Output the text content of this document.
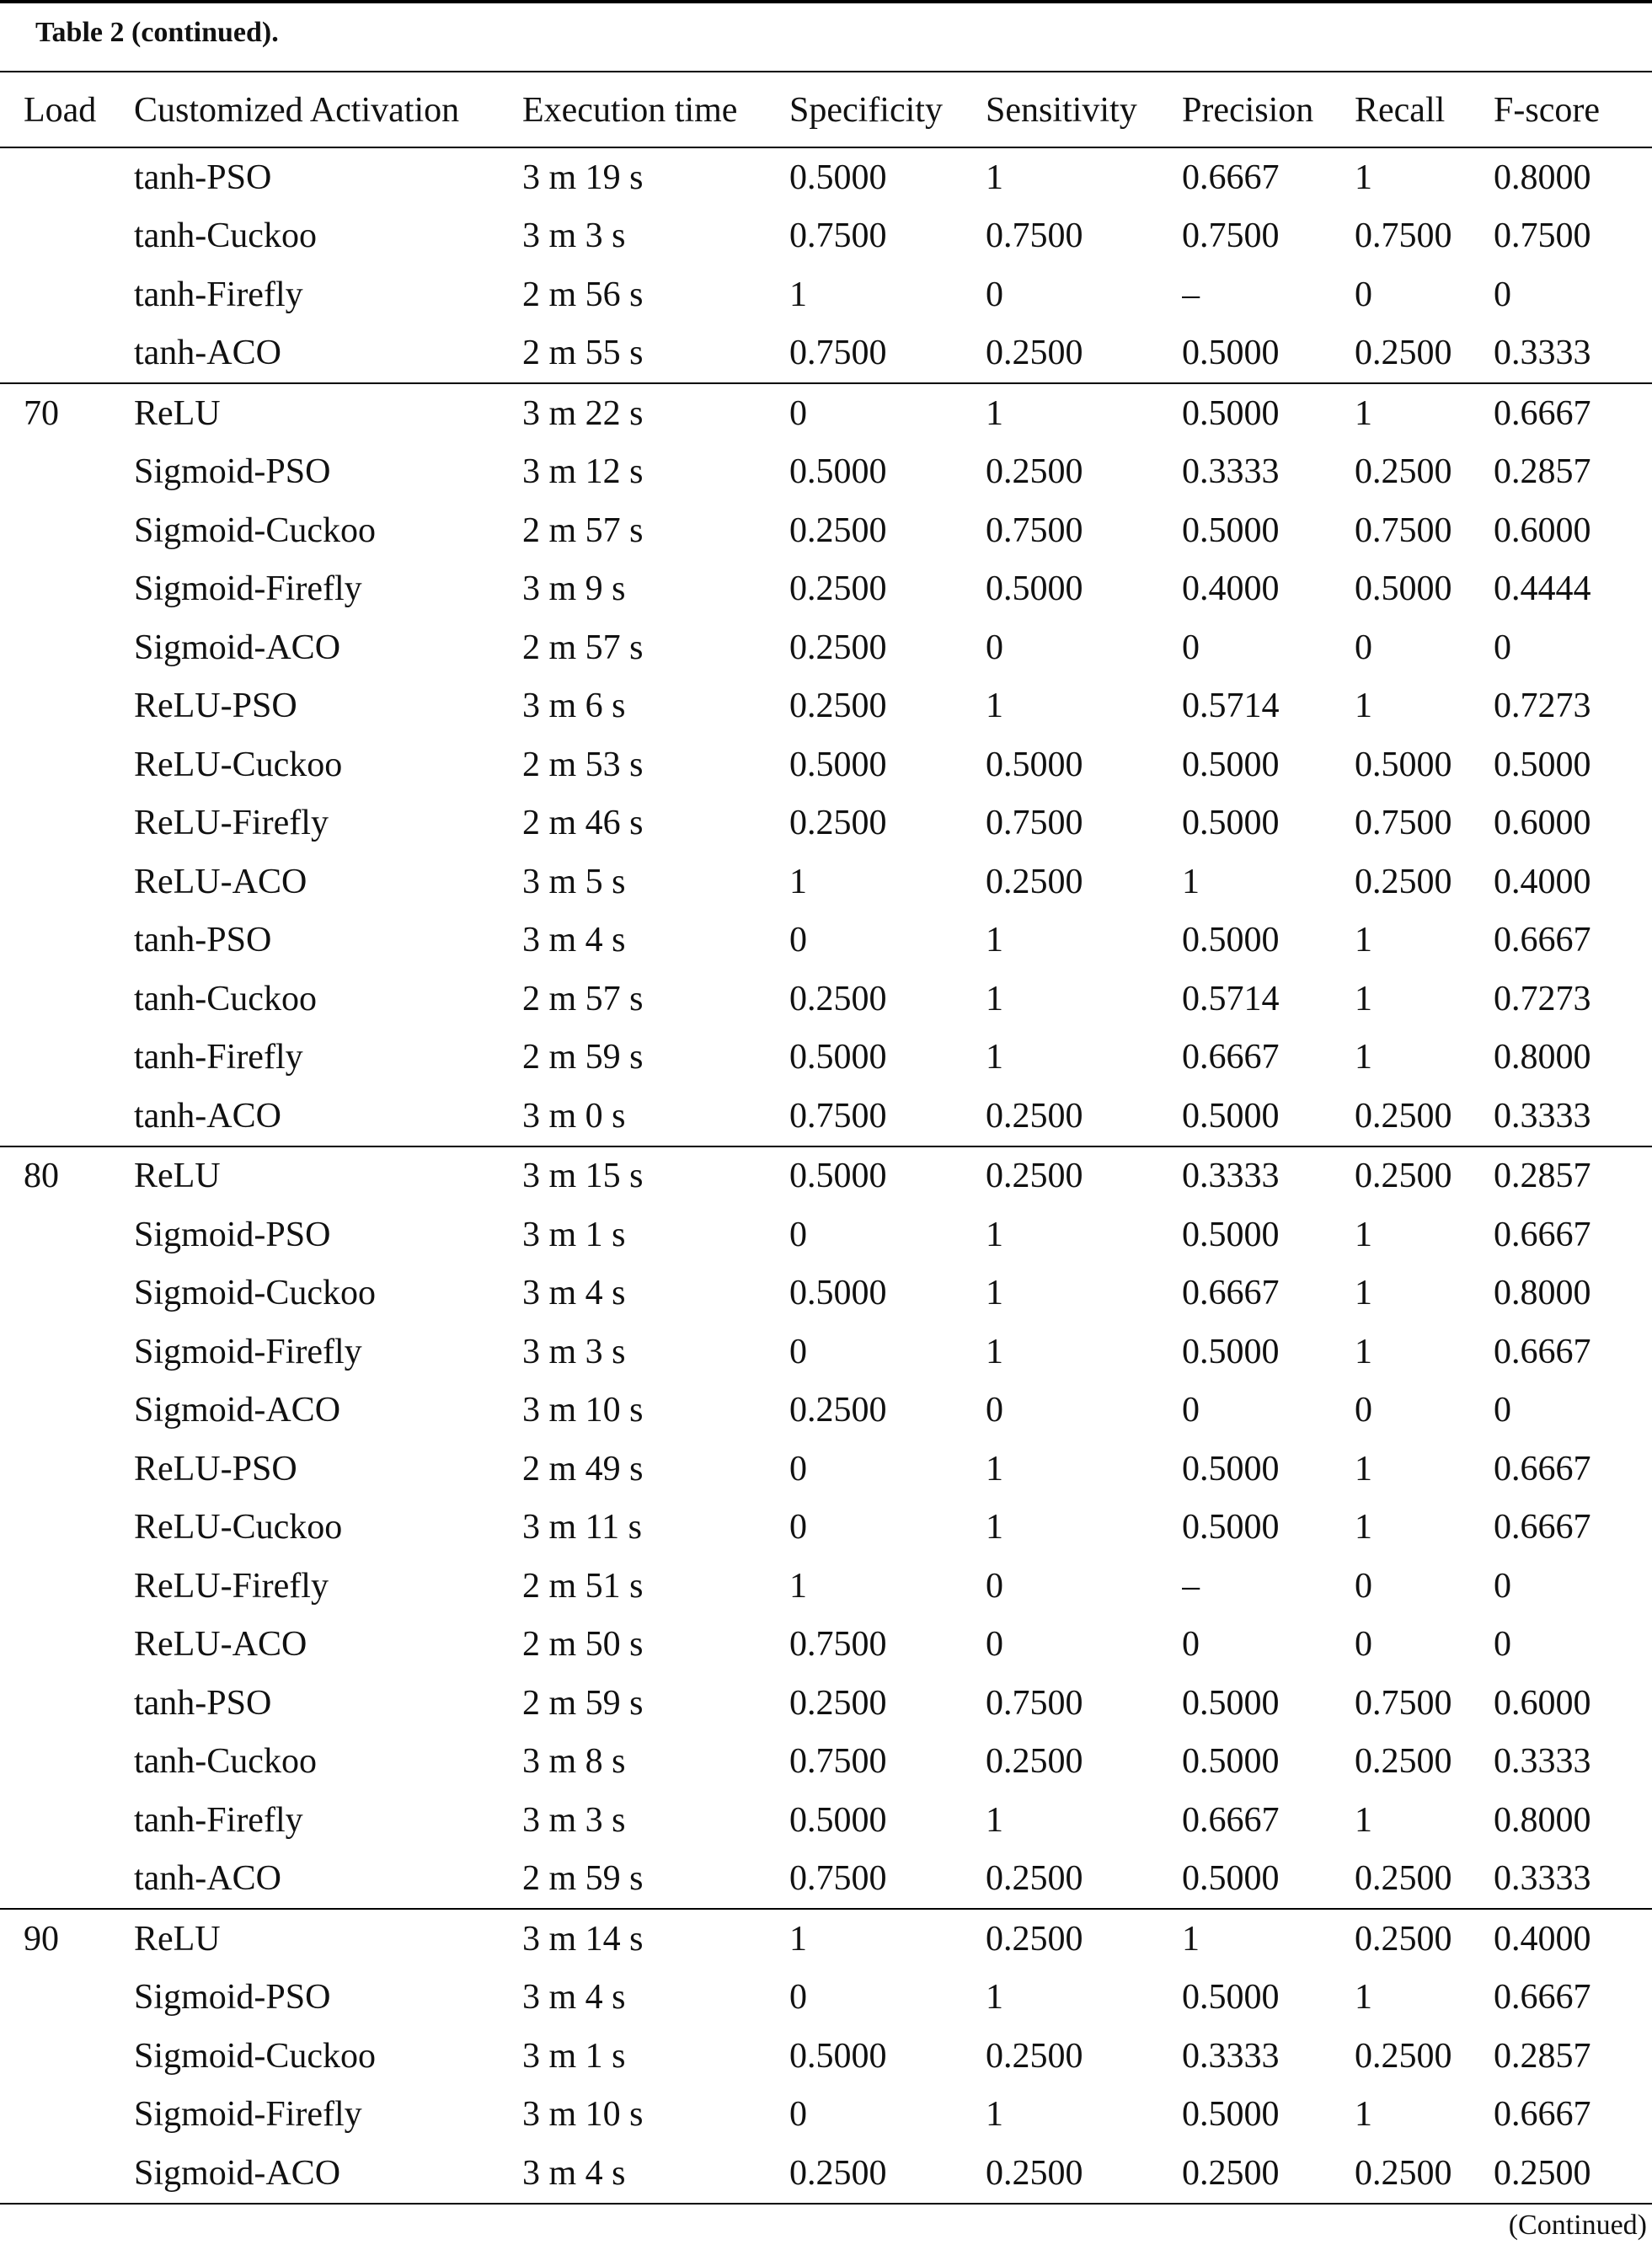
Table 2 (continued).
Load	Customized Activation	Execution time	Specificity	Sensitivity	Precision	Recall	F-score
	tanh-PSO	3 m 19 s	0.5000	1	0.6667	1	0.8000
	tanh-Cuckoo	3 m 3 s	0.7500	0.7500	0.7500	0.7500	0.7500
	tanh-Firefly	2 m 56 s	1	0	–	0	0
	tanh-ACO	2 m 55 s	0.7500	0.2500	0.5000	0.2500	0.3333
70	ReLU	3 m 22 s	0	1	0.5000	1	0.6667
	Sigmoid-PSO	3 m 12 s	0.5000	0.2500	0.3333	0.2500	0.2857
	Sigmoid-Cuckoo	2 m 57 s	0.2500	0.7500	0.5000	0.7500	0.6000
	Sigmoid-Firefly	3 m 9 s	0.2500	0.5000	0.4000	0.5000	0.4444
	Sigmoid-ACO	2 m 57 s	0.2500	0	0	0	0
	ReLU-PSO	3 m 6 s	0.2500	1	0.5714	1	0.7273
	ReLU-Cuckoo	2 m 53 s	0.5000	0.5000	0.5000	0.5000	0.5000
	ReLU-Firefly	2 m 46 s	0.2500	0.7500	0.5000	0.7500	0.6000
	ReLU-ACO	3 m 5 s	1	0.2500	1	0.2500	0.4000
	tanh-PSO	3 m 4 s	0	1	0.5000	1	0.6667
	tanh-Cuckoo	2 m 57 s	0.2500	1	0.5714	1	0.7273
	tanh-Firefly	2 m 59 s	0.5000	1	0.6667	1	0.8000
	tanh-ACO	3 m 0 s	0.7500	0.2500	0.5000	0.2500	0.3333
80	ReLU	3 m 15 s	0.5000	0.2500	0.3333	0.2500	0.2857
	Sigmoid-PSO	3 m 1 s	0	1	0.5000	1	0.6667
	Sigmoid-Cuckoo	3 m 4 s	0.5000	1	0.6667	1	0.8000
	Sigmoid-Firefly	3 m 3 s	0	1	0.5000	1	0.6667
	Sigmoid-ACO	3 m 10 s	0.2500	0	0	0	0
	ReLU-PSO	2 m 49 s	0	1	0.5000	1	0.6667
	ReLU-Cuckoo	3 m 11 s	0	1	0.5000	1	0.6667
	ReLU-Firefly	2 m 51 s	1	0	–	0	0
	ReLU-ACO	2 m 50 s	0.7500	0	0	0	0
	tanh-PSO	2 m 59 s	0.2500	0.7500	0.5000	0.7500	0.6000
	tanh-Cuckoo	3 m 8 s	0.7500	0.2500	0.5000	0.2500	0.3333
	tanh-Firefly	3 m 3 s	0.5000	1	0.6667	1	0.8000
	tanh-ACO	2 m 59 s	0.7500	0.2500	0.5000	0.2500	0.3333
90	ReLU	3 m 14 s	1	0.2500	1	0.2500	0.4000
	Sigmoid-PSO	3 m 4 s	0	1	0.5000	1	0.6667
	Sigmoid-Cuckoo	3 m 1 s	0.5000	0.2500	0.3333	0.2500	0.2857
	Sigmoid-Firefly	3 m 10 s	0	1	0.5000	1	0.6667
	Sigmoid-ACO	3 m 4 s	0.2500	0.2500	0.2500	0.2500	0.2500
(Continued)
